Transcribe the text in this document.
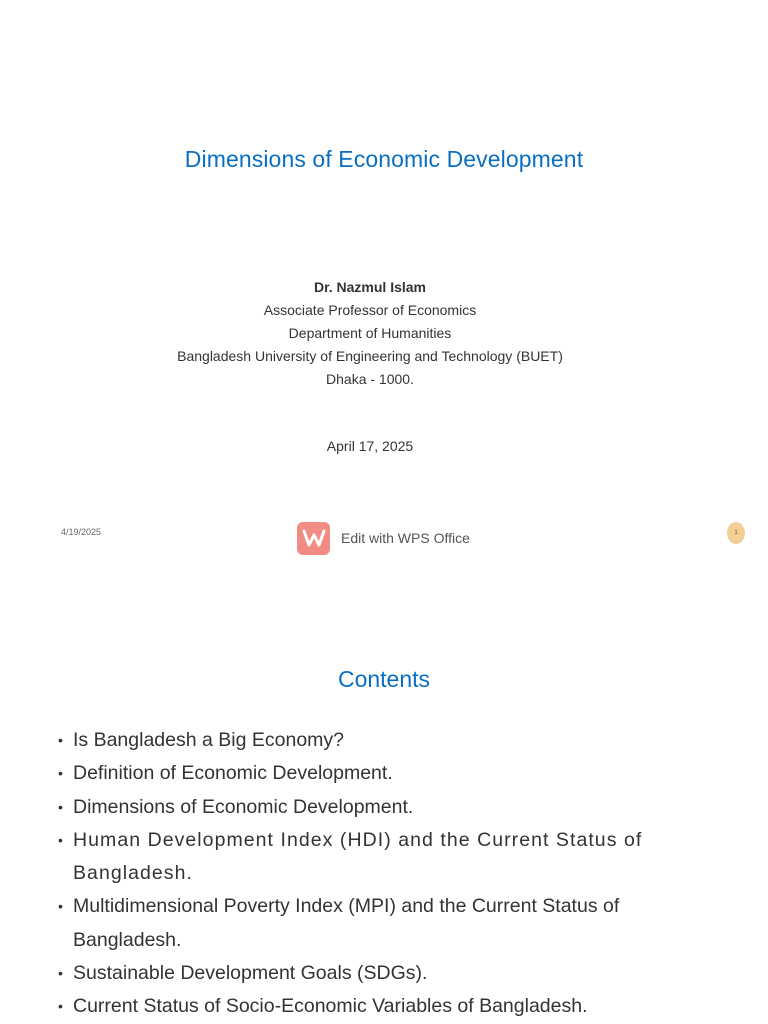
Dimensions of Economic Development
Dr. Nazmul Islam
Associate Professor of Economics
Department of Humanities
Bangladesh University of Engineering and Technology (BUET)
Dhaka - 1000.
April 17, 2025
4/19/2025	Edit with WPS Office	1
Contents
• Is Bangladesh a Big Economy?
• Definition of Economic Development.
• Dimensions of Economic Development.
• Human Development Index (HDI) and the Current Status of Bangladesh.
• Multidimensional Poverty Index (MPI) and the Current Status of Bangladesh.
• Sustainable Development Goals (SDGs).
• Current Status of Socio-Economic Variables of Bangladesh.
